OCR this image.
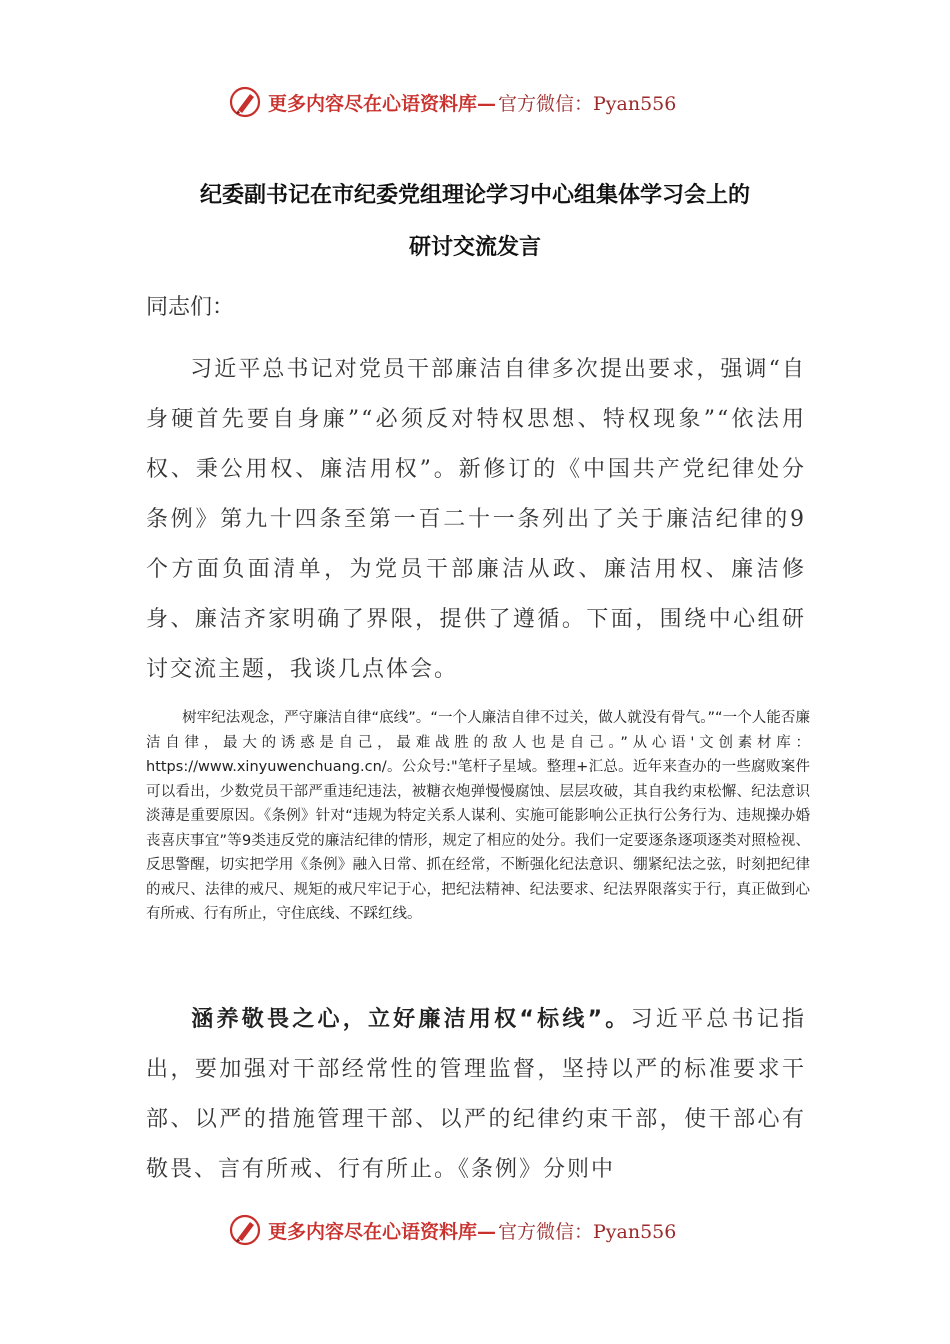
更多内容尽在心语资料库— 官方微信：Pyan556
纪委副书记在市纪委党组理论学习中心组集体学习会上的
研讨交流发言
同志们：

习近平总书记对党员干部廉洁自律多次提出要求，强调“自身硬首先要自身廉”“必须反对特权思想、特权现象”“依法用权、秉公用权、廉洁用权”。新修订的《中国共产党纪律处分条例》第九十四条至第一百二十一条列出了关于廉洁纪律的9个方面负面清单，为党员干部廉洁从政、廉洁用权、廉洁修身、廉洁齐家明确了界限，提供了遵循。下面，围绕中心组研讨交流主题，我谈几点体会。

树牢纪法观念，严守廉洁自律“底线”。“一个人廉洁自律不过关，做人就没有骨气。”“一个人能否廉洁自律，最大的诱惑是自己，最难战胜的敌人也是自己。”从心语'文创素材库：https://www.xinyuwenchuang.cn/。公众号:"笔杆子星域。整理+汇总。近年来查办的一些腐败案件可以看出，少数党员干部严重违纪违法，被糖衣炮弹慢慢腐蚀、层层攻破，其自我约束松懈、纪法意识淡薄是重要原因。《条例》针对“违规为特定关系人谋利、实施可能影响公正执行公务行为、违规操办婚丧喜庆事宜”等9类违反党的廉洁纪律的情形，规定了相应的处分。我们一定要逐条逐项逐类对照检视、反思警醒，切实把学用《条例》融入日常、抓在经常，不断强化纪法意识、绷紧纪法之弦，时刻把纪律的戒尺、法律的戒尺、规矩的戒尺牢记于心，把纪法精神、纪法要求、纪法界限落实于行，真正做到心有所戒、行有所止，守住底线、不踩红线。

涵养敬畏之心，立好廉洁用权“标线”。习近平总书记指出，要加强对干部经常性的管理监督，坚持以严的标准要求干部、以严的措施管理干部、以严的纪律约束干部，使干部心有敬畏、言有所戒、行有所止。《条例》分则中

更多内容尽在心语资料库— 官方微信：Pyan556
